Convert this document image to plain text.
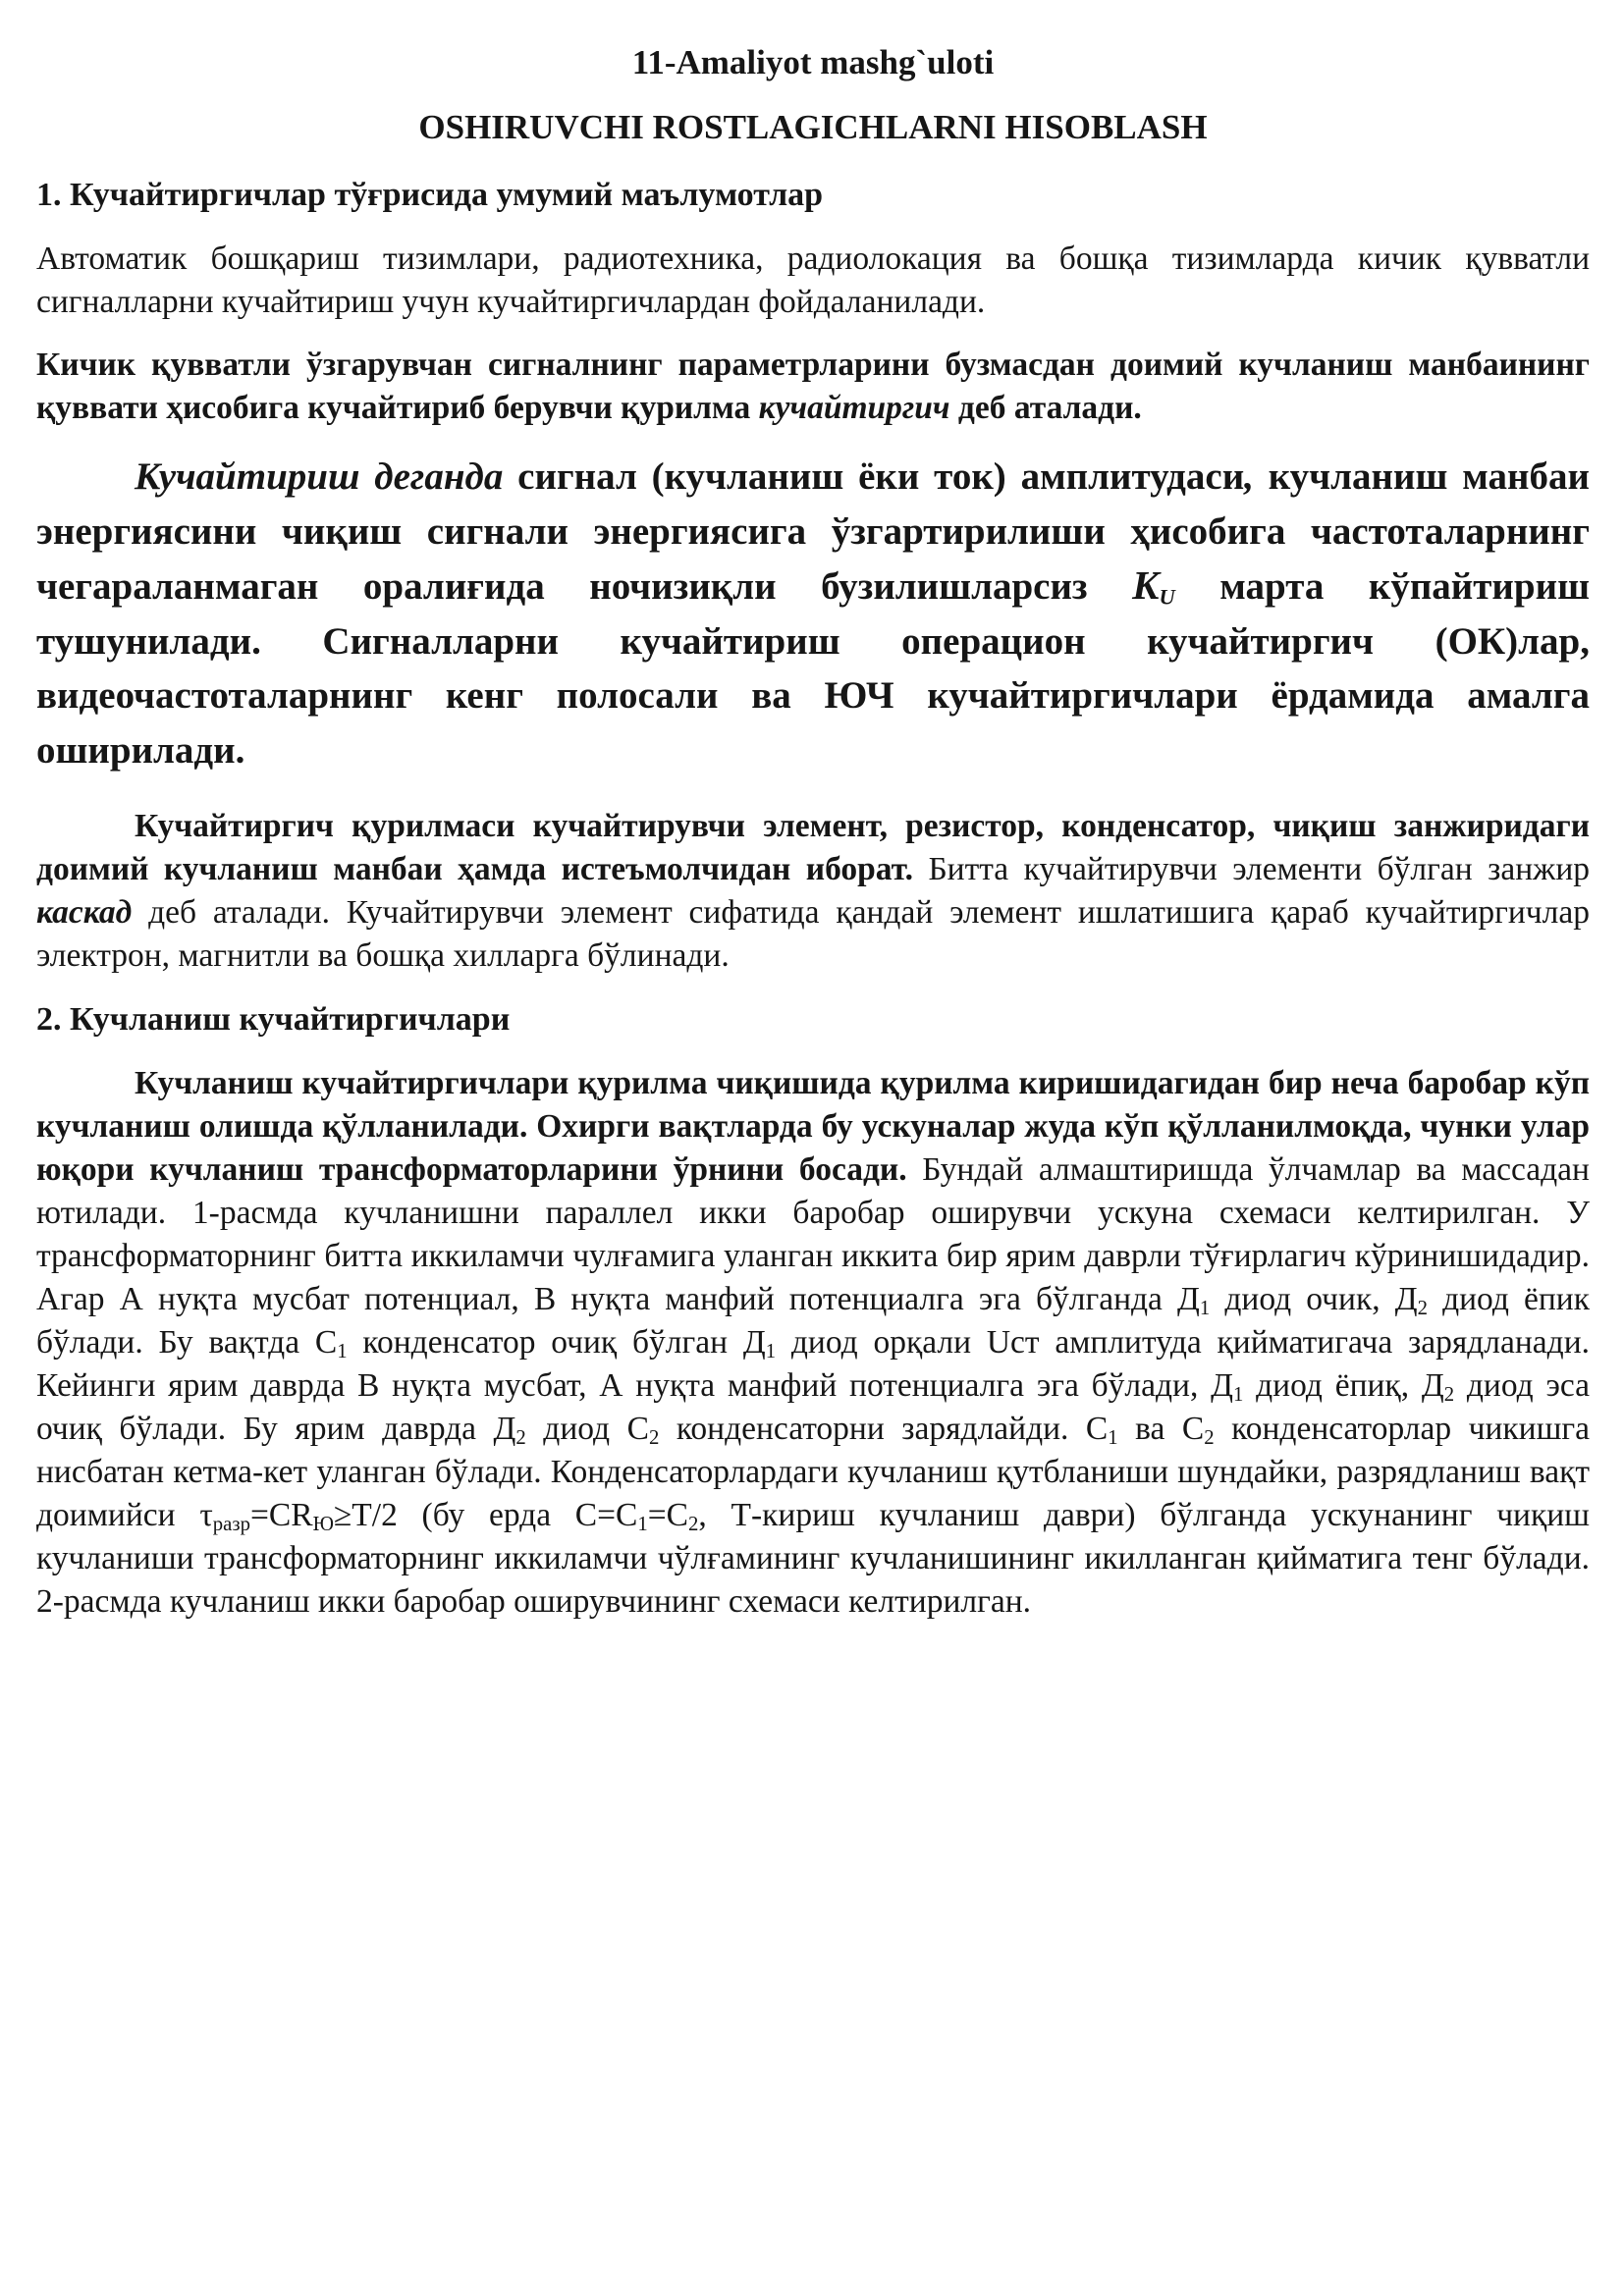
11-Amaliyot mashg`uloti
OSHIRUVCHI ROSTLAGICHLARNI HISOBLASH
1. Кучайтиргичлар тўғрисида умумий маълумотлар

Автоматик бошқариш тизимлари, радиотехника, радиолокация ва бошқа тизимларда кичик қувватли сигналларни кучайтириш учун кучайтиргичлардан фойдаланилади.

Кичик қувватли ўзгарувчан сигналнинг параметрларини бузмасдан доимий кучланиш манбаининг қуввати ҳисобига кучайтириб берувчи қурилма кучайтиргич деб аталади.

Кучайтириш деганда сигнал (кучланиш ёки ток) амплитудаси, кучланиш манбаи энергиясини чиқиш сигнали энергиясига ўзгартирилиши ҳисобига частоталарнинг чегараланмаган оралиғида ночизиқли бузилишларсиз $K_U$ марта кўпайтириш тушунилади. Сигналларни кучайтириш операцион кучайтиргич (ОК)лар, видеочастоталарнинг кенг полосали ва ЮЧ кучайтиргичлари ёрдамида амалга оширилади.

Кучайтиргич қурилмаси кучайтирувчи элемент, резистор, конденсатор, чиқиш занжиридаги доимий кучланиш манбаи ҳамда истеъмолчидан иборат. Битта кучайтирувчи элементи бўлган занжир каскад деб аталади. Кучайтирувчи элемент сифатида қандай элемент ишлатишига қараб кучайтиргичлар электрон, магнитли ва бошқа хилларга бўлинади.

2. Кучланиш кучайтиргичлари

Кучланиш кучайтиргичлари қурилма чиқишида қурилма киришидагидан бир неча баробар кўп кучланиш олишда қўлланилади. Охирги вақтларда бу ускуналар жуда кўп қўлланилмоқда, чунки улар юқори кучланиш трансформаторларини ўрнини босади. Бундай алмаштиришда ўлчамлар ва массадан ютилади. 1-расмда кучланишни параллел икки баробар оширувчи ускуна схемаси келтирилган. У трансформаторнинг битта иккиламчи чулғамига уланган иккита бир ярим даврли тўғирлагич кўринишидадир. Агар А нуқта мусбат потенциал, В нуқта манфий потенциалга эга бўлганда $Д_1$ диод очик, $Д_2$ диод ёпик бўлади. Бу вақтда $С_1$ конденсатор очиқ бўлган $Д_1$ диод орқали Uст амплитуда қийматигача зарядланади. Кейинги ярим даврда В нуқта мусбат, А нуқта манфий потенциалга эга бўлади, $Д_1$ диод ёпиқ, $Д_2$ диод эса очиқ бўлади. Бу ярим даврда $Д_2$ диод $С_2$ конденсаторни зарядлайди. $С_1$ ва $С_2$ конденсаторлар чикишга нисбатан кетма-кет уланган бўлади. Конденсаторлардаги кучланиш қутбланиши шундайки, разрядланиш вақт доимийси $\tau_{разр}=CR_Ю\ge Т/2$ (бу ерда $С=С_1=С_2$, Т-кириш кучланиш даври) бўлганда ускунанинг чиқиш кучланиши трансформаторнинг иккиламчи чўлғамининг кучланишининг икилланган қийматига тенг бўлади. 2-расмда кучланиш икки баробар оширувчининг схемаси келтирилган.
